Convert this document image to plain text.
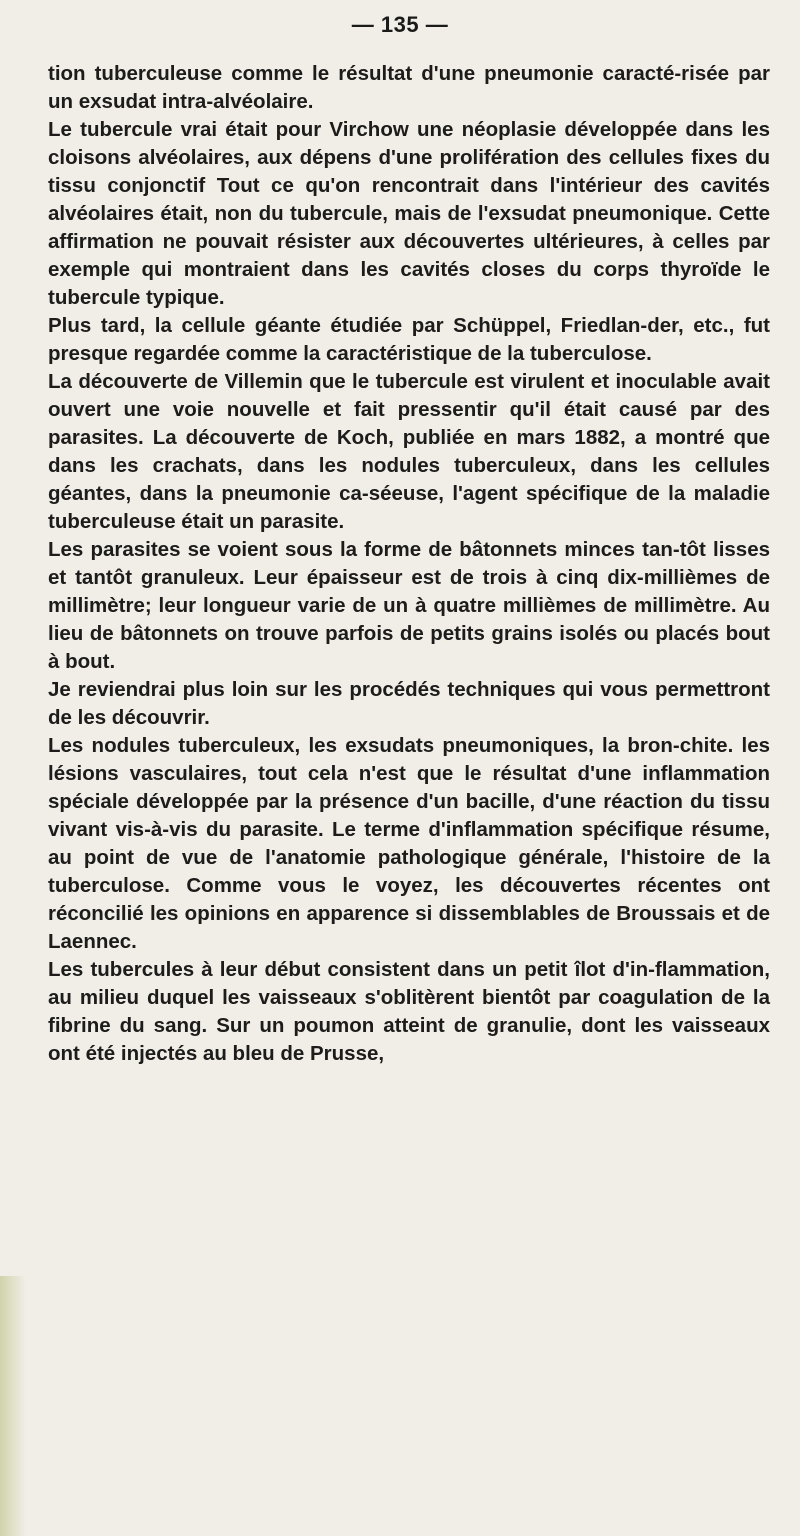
— 135 —

tion tuberculeuse comme le résultat d'une pneumonie caracté-risée par un exsudat intra-alvéolaire.

Le tubercule vrai était pour Virchow une néoplasie développée dans les cloisons alvéolaires, aux dépens d'une prolifération des cellules fixes du tissu conjonctif Tout ce qu'on rencontrait dans l'intérieur des cavités alvéolaires était, non du tubercule, mais de l'exsudat pneumonique. Cette affirmation ne pouvait résister aux découvertes ultérieures, à celles par exemple qui montraient dans les cavités closes du corps thyroïde le tubercule typique.

Plus tard, la cellule géante étudiée par Schüppel, Friedlan-der, etc., fut presque regardée comme la caractéristique de la tuberculose.

La découverte de Villemin que le tubercule est virulent et inoculable avait ouvert une voie nouvelle et fait pressentir qu'il était causé par des parasites. La découverte de Koch, publiée en mars 1882, a montré que dans les crachats, dans les nodules tuberculeux, dans les cellules géantes, dans la pneumonie ca-séeuse, l'agent spécifique de la maladie tuberculeuse était un parasite.

Les parasites se voient sous la forme de bâtonnets minces tan-tôt lisses et tantôt granuleux. Leur épaisseur est de trois à cinq dix-millièmes de millimètre; leur longueur varie de un à quatre millièmes de millimètre. Au lieu de bâtonnets on trouve parfois de petits grains isolés ou placés bout à bout.

Je reviendrai plus loin sur les procédés techniques qui vous permettront de les découvrir.

Les nodules tuberculeux, les exsudats pneumoniques, la bron-chite. les lésions vasculaires, tout cela n'est que le résultat d'une inflammation spéciale développée par la présence d'un bacille, d'une réaction du tissu vivant vis-à-vis du parasite. Le terme d'inflammation spécifique résume, au point de vue de l'anatomie pathologique générale, l'histoire de la tuberculose. Comme vous le voyez, les découvertes récentes ont réconcilié les opinions en apparence si dissemblables de Broussais et de Laennec.

Les tubercules à leur début consistent dans un petit îlot d'in-flammation, au milieu duquel les vaisseaux s'oblitèrent bientôt par coagulation de la fibrine du sang. Sur un poumon atteint de granulie, dont les vaisseaux ont été injectés au bleu de Prusse,
